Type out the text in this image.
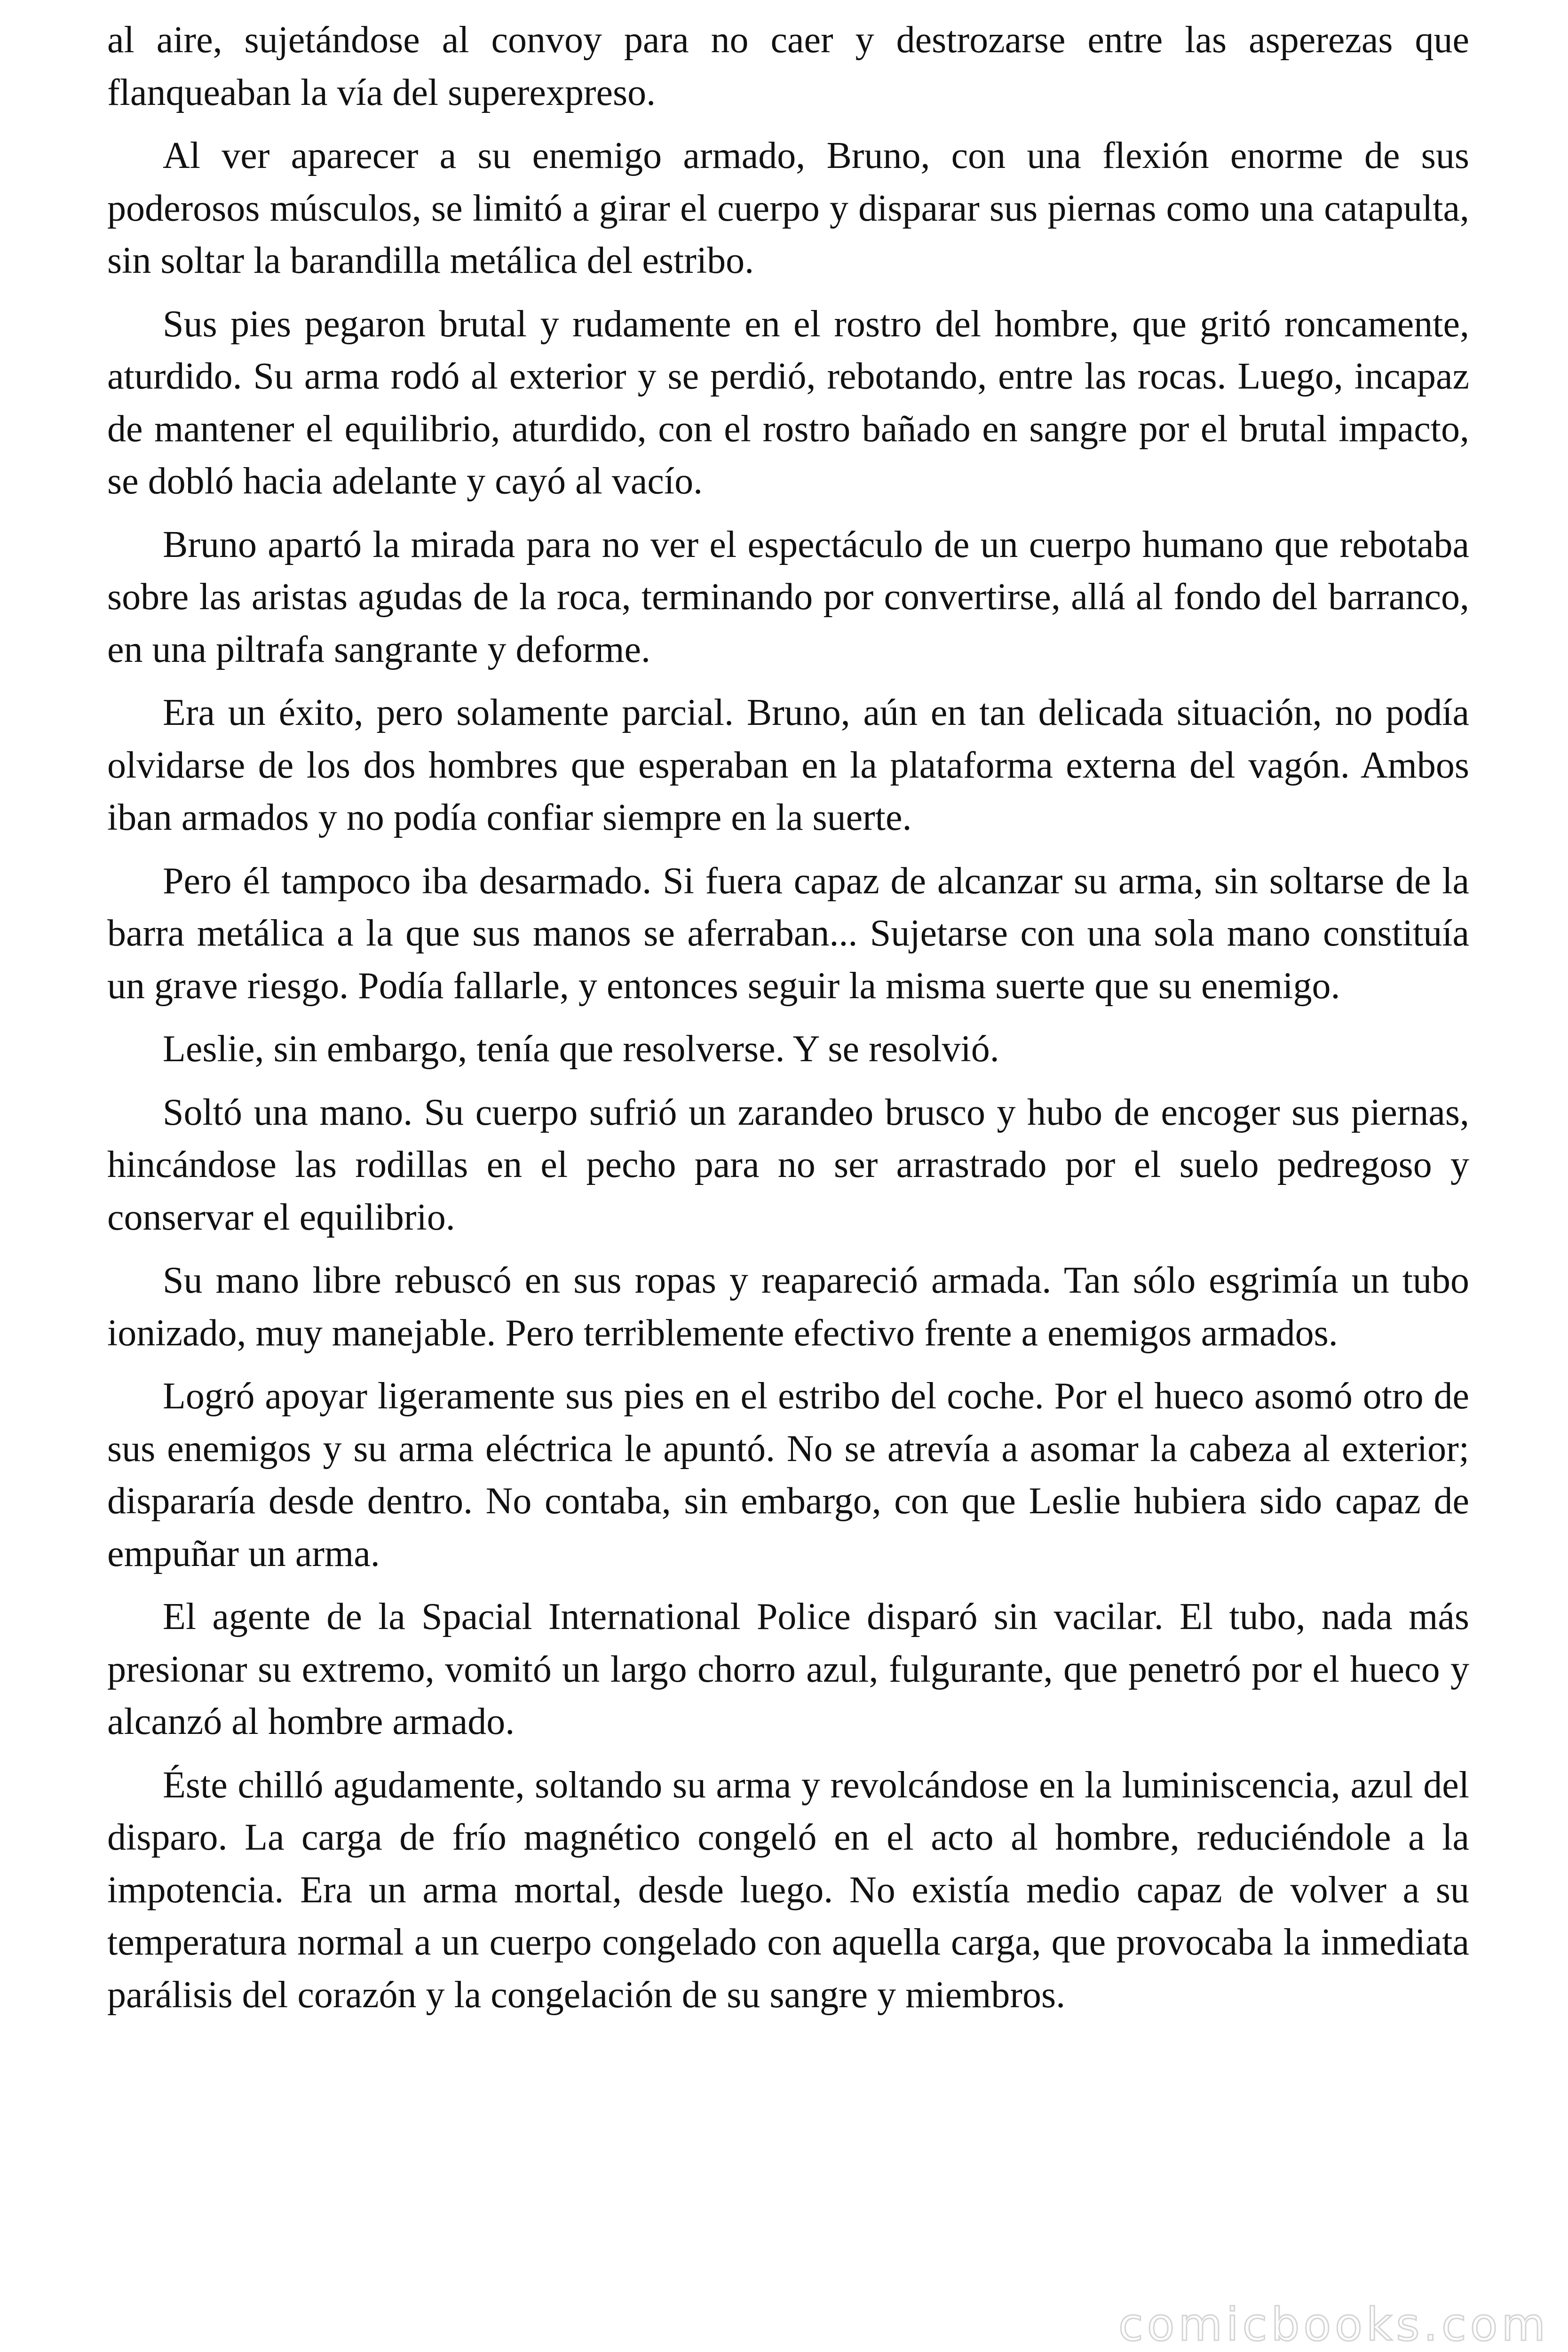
al aire, sujetándose al convoy para no caer y destrozarse entre las asperezas que flanqueaban la vía del superexpreso.

Al ver aparecer a su enemigo armado, Bruno, con una flexión enorme de sus poderosos músculos, se limitó a girar el cuerpo y disparar sus piernas como una catapulta, sin soltar la barandilla metálica del estribo.

Sus pies pegaron brutal y rudamente en el rostro del hombre, que gritó roncamente, aturdido. Su arma rodó al exterior y se perdió, rebotando, entre las rocas. Luego, incapaz de mantener el equilibrio, aturdido, con el rostro bañado en sangre por el brutal impacto, se dobló hacia adelante y cayó al vacío.

Bruno apartó la mirada para no ver el espectáculo de un cuerpo humano que rebotaba sobre las aristas agudas de la roca, terminando por convertirse, allá al fondo del barranco, en una piltrafa sangrante y deforme.

Era un éxito, pero solamente parcial. Bruno, aún en tan delicada situación, no podía olvidarse de los dos hombres que esperaban en la plataforma externa del vagón. Ambos iban armados y no podía confiar siempre en la suerte.

Pero él tampoco iba desarmado. Si fuera capaz de alcanzar su arma, sin soltarse de la barra metálica a la que sus manos se aferraban... Sujetarse con una sola mano constituía un grave riesgo. Podía fallarle, y entonces seguir la misma suerte que su enemigo.

Leslie, sin embargo, tenía que resolverse. Y se resolvió.

Soltó una mano. Su cuerpo sufrió un zarandeo brusco y hubo de encoger sus piernas, hincándose las rodillas en el pecho para no ser arrastrado por el suelo pedregoso y conservar el equilibrio.

Su mano libre rebuscó en sus ropas y reapareció armada. Tan sólo esgrimía un tubo ionizado, muy manejable. Pero terriblemente efectivo frente a enemigos armados.

Logró apoyar ligeramente sus pies en el estribo del coche. Por el hueco asomó otro de sus enemigos y su arma eléctrica le apuntó. No se atrevía a asomar la cabeza al exterior; dispararía desde dentro. No contaba, sin embargo, con que Leslie hubiera sido capaz de empuñar un arma.

El agente de la Spacial International Police disparó sin vacilar. El tubo, nada más presionar su extremo, vomitó un largo chorro azul, fulgurante, que penetró por el hueco y alcanzó al hombre armado.

Éste chilló agudamente, soltando su arma y revolcándose en la luminiscencia, azul del disparo. La carga de frío magnético congeló en el acto al hombre, reduciéndole a la impotencia. Era un arma mortal, desde luego. No existía medio capaz de volver a su temperatura normal a un cuerpo congelado con aquella carga, que provocaba la inmediata parálisis del corazón y la congelación de su sangre y miembros.

comicbooks.com
